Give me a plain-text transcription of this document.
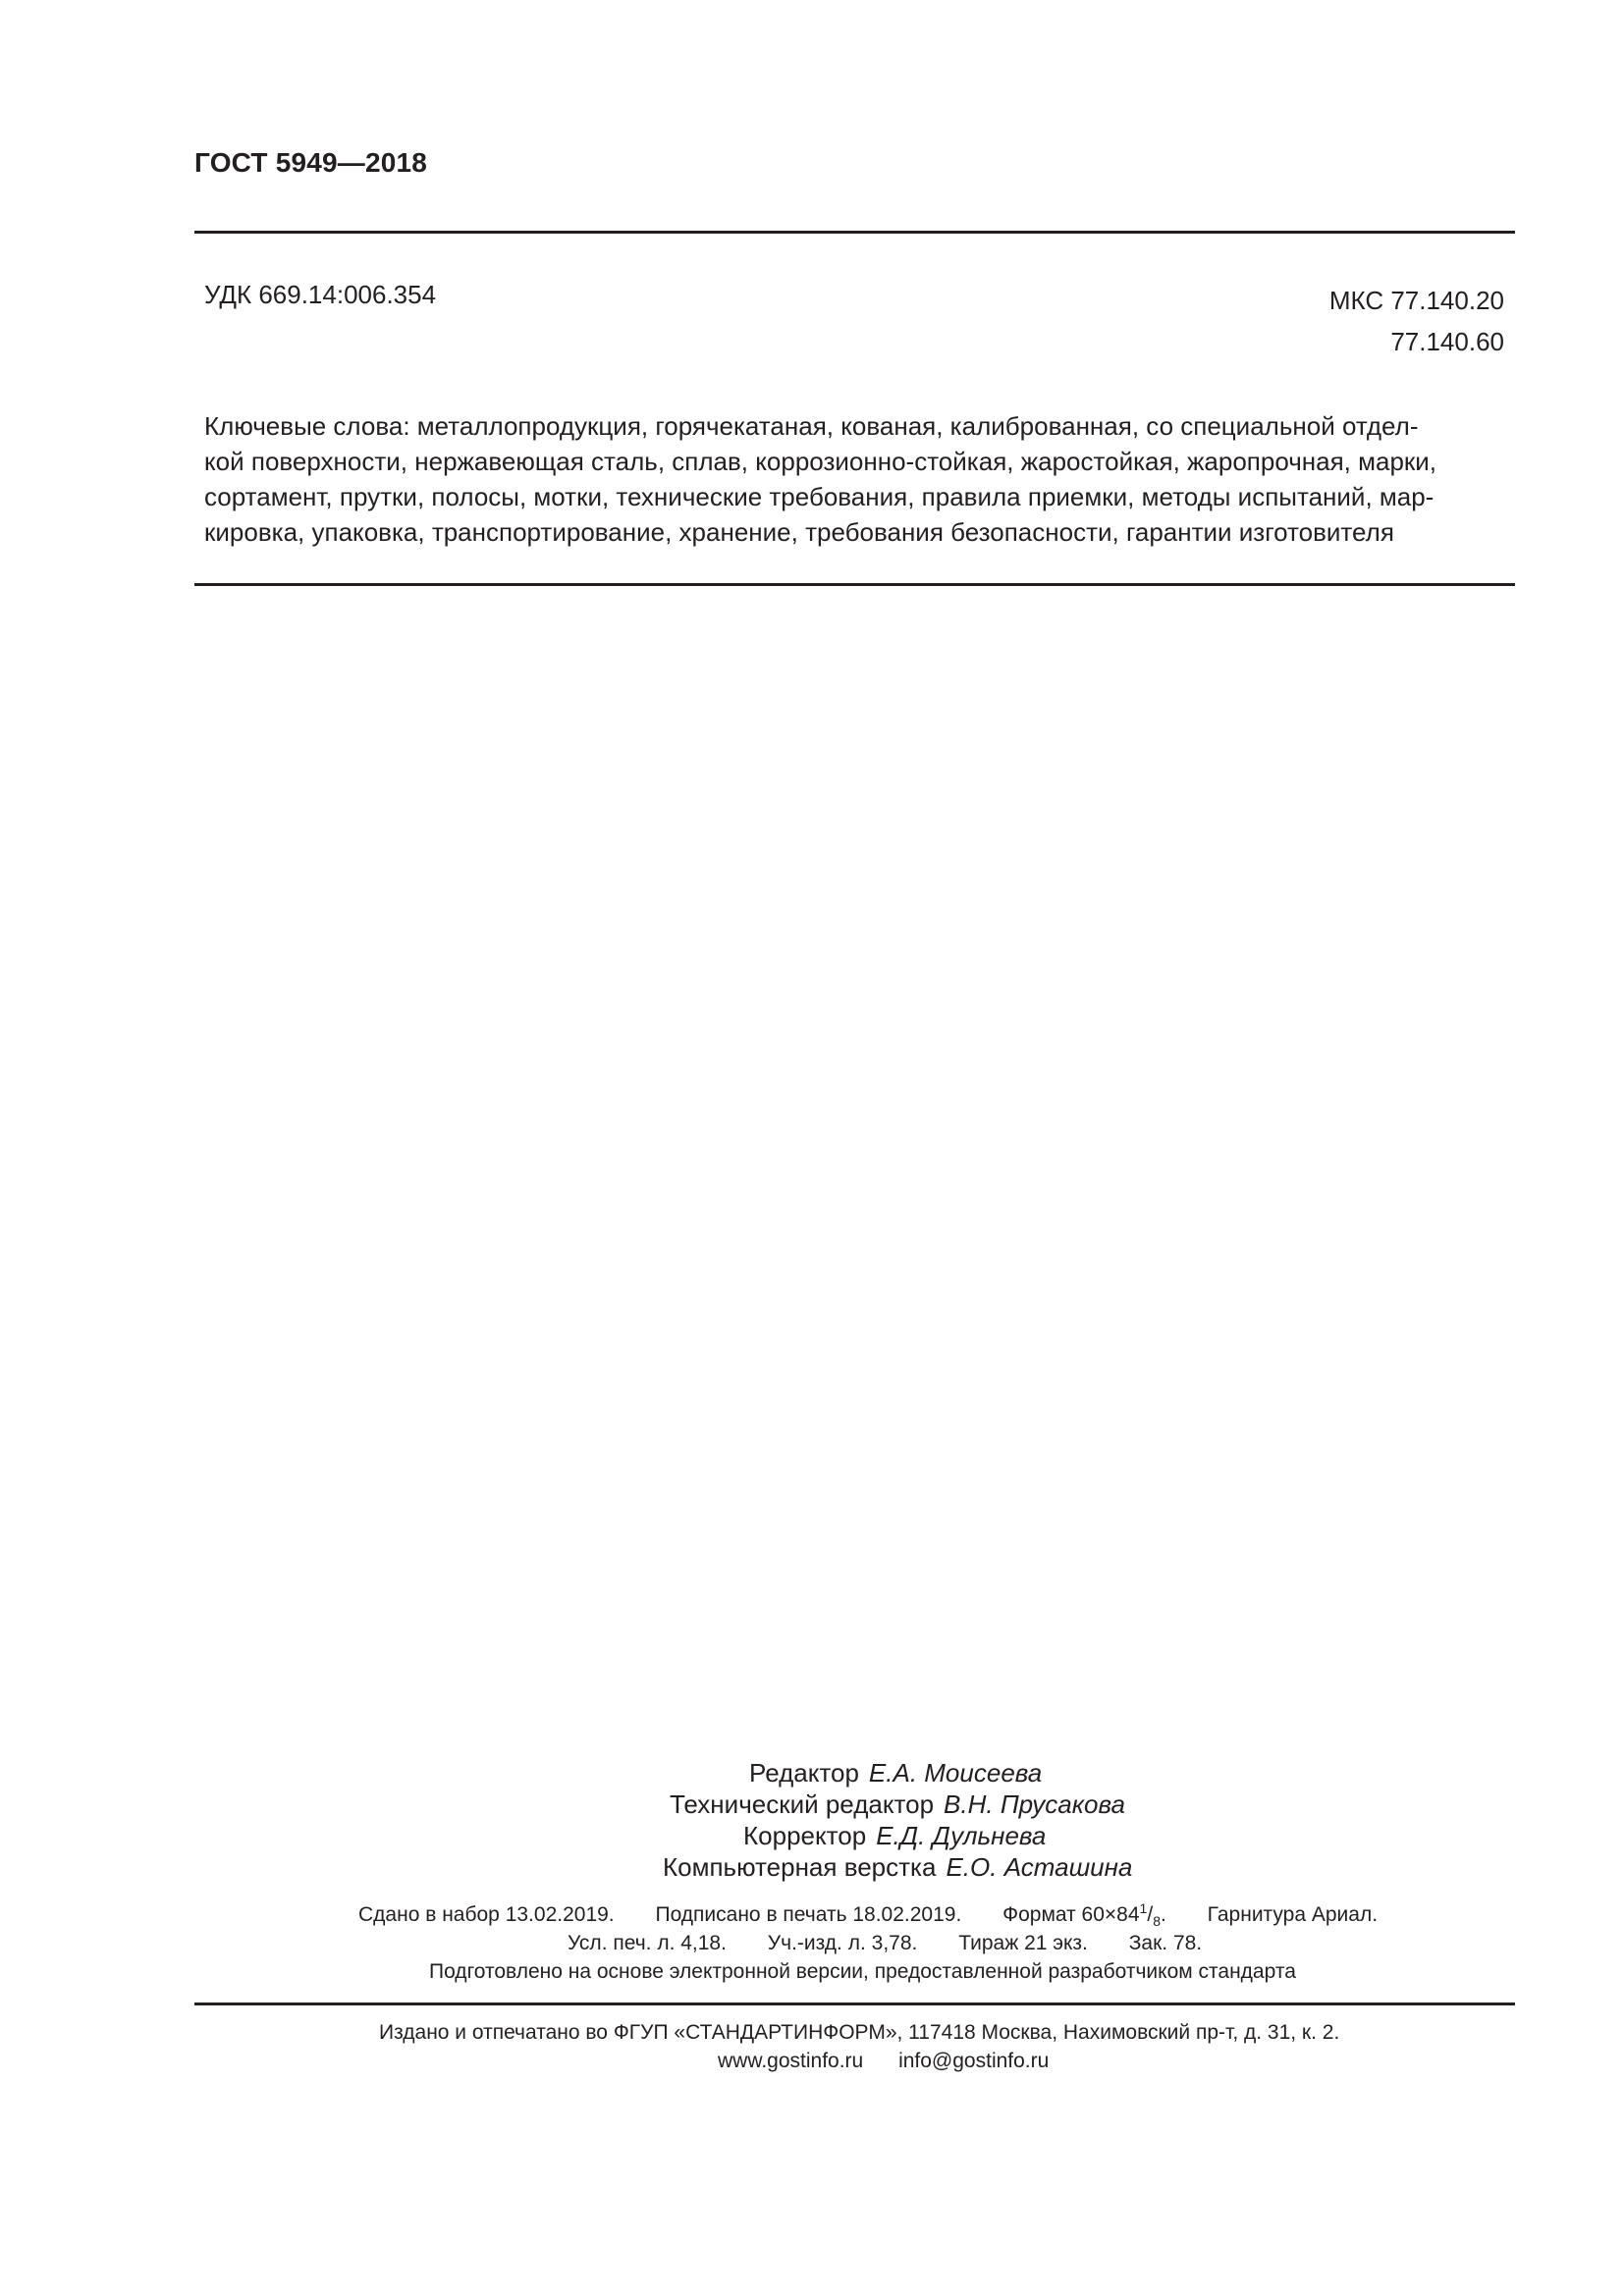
ГОСТ 5949—2018
УДК 669.14:006.354	МКС 77.140.20
77.140.60
Ключевые слова: металлопродукция, горячекатаная, кованая, калиброванная, со специальной отдел-
кой поверхности, нержавеющая сталь, сплав, коррозионно-стойкая, жаростойкая, жаропрочная, марки,
сортамент, прутки, полосы, мотки, технические требования, правила приемки, методы испытаний, мар-
кировка, упаковка, транспортирование, хранение, требования безопасности, гарантии изготовителя
Редактор Е.А. Моисеева
Технический редактор В.Н. Прусакова
Корректор Е.Д. Дульнева
Компьютерная верстка Е.О. Асташина
Сдано в набор 13.02.2019. Подписано в печать 18.02.2019. Формат $60\times 84^1/_8$. Гарнитура Ариал.
Усл. печ. л. 4,18. Уч.-изд. л. 3,78. Тираж 21 экз. Зак. 78.
Подготовлено на основе электронной версии, предоставленной разработчиком стандарта
Издано и отпечатано во ФГУП «СТАНДАРТИНФОРМ», 117418 Москва, Нахимовский пр-т, д. 31, к. 2.
www.gostinfo.ru info@gostinfo.ru
